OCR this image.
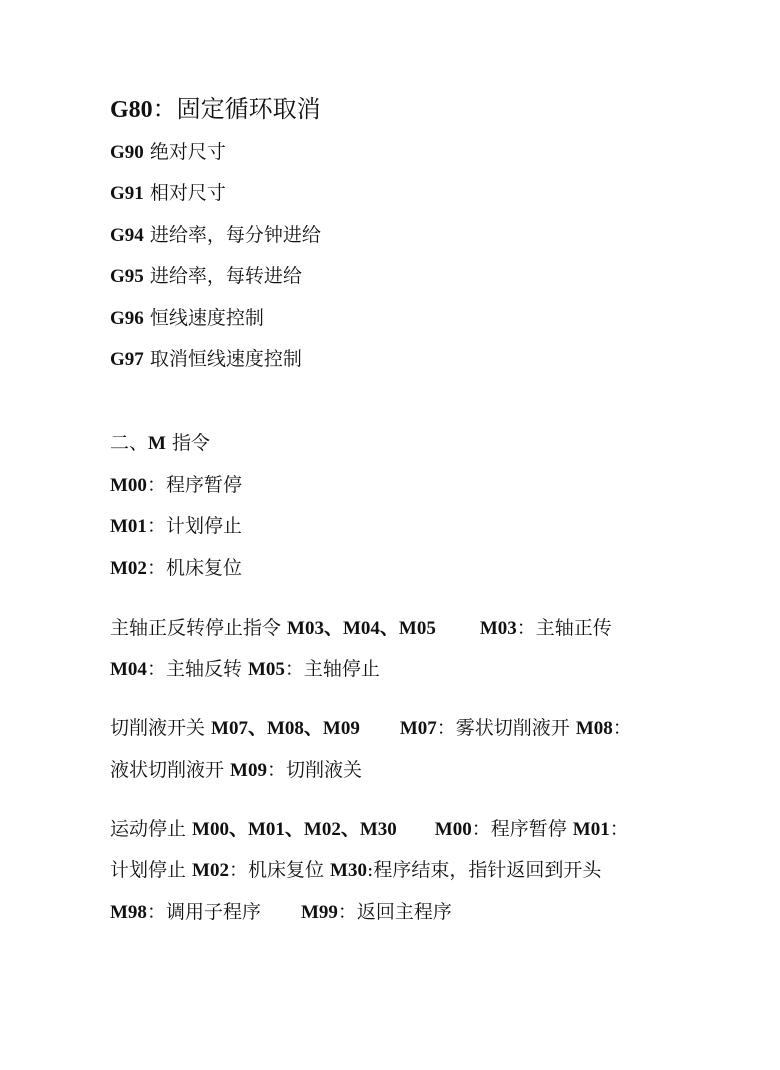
G80：固定循环取消
G90 绝对尺寸
G91 相对尺寸
G94 进给率，每分钟进给
G95 进给率，每转进给
G96 恒线速度控制
G97 取消恒线速度控制
二、M 指令
M00：程序暂停
M01：计划停止
M02：机床复位
主轴正反转停止指令 M03、M04、M05 M03：主轴正传
M04：主轴反转 M05：主轴停止
切削液开关 M07、M08、M09 M07：雾状切削液开 M08：
液状切削液开 M09：切削液关
运动停止 M00、M01、M02、M30 M00：程序暂停 M01：
计划停止 M02：机床复位 M30:程序结束，指针返回到开头
M98：调用子程序 M99：返回主程序
